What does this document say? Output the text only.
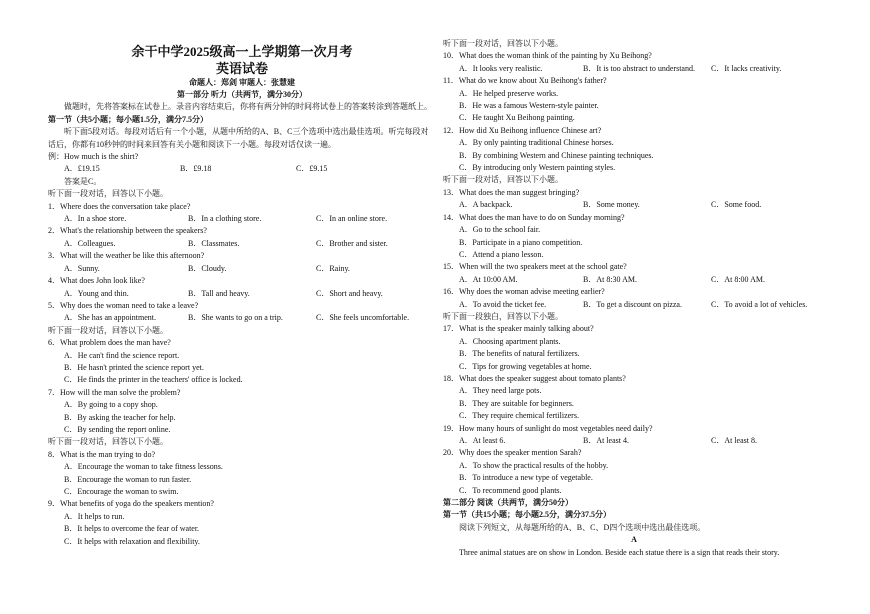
余干中学2025级高一上学期第一次月考
英语试卷
命题人：郑剑 审题人：张慧建
第一部分 听力（共两节，满分30分）
做题时，先将答案标在试卷上。录音内容结束后，你将有两分钟的时间将试卷上的答案转涂到答题纸上。
第一节（共5小题；每小题1.5分，满分7.5分）
听下面5段对话。每段对话后有一个小题，从题中所给的A、B、C三个选项中选出最佳选项。听完每段对话后，你都有10秒钟的时间来回答有关小题和阅读下一小题。每段对话仅读一遍。
例：How much is the shirt?
A．£19.15	B．£9.18	C．£9.15
答案是C。
听下面一段对话，回答以下小题。
1．Where does the conversation take place?
A．In a shoe store.	B．In a clothing store.	C．In an online store.
2．What's the relationship between the speakers?
A．Colleagues.	B．Classmates.	C．Brother and sister.
3．What will the weather be like this afternoon?
A．Sunny.	B．Cloudy.	C．Rainy.
4．What does John look like?
A．Young and thin.	B．Tall and heavy.	C．Short and heavy.
5．Why does the woman need to take a leave?
A．She has an appointment.	B．She wants to go on a trip.	C．She feels uncomfortable.
听下面一段对话，回答以下小题。
6．What problem does the man have?
A．He can't find the science report.
B．He hasn't printed the science report yet.
C．He finds the printer in the teachers' office is locked.
7．How will the man solve the problem?
A．By going to a copy shop.
B．By asking the teacher for help.
C．By sending the report online.
听下面一段对话，回答以下小题。
8．What is the man trying to do?
A．Encourage the woman to take fitness lessons.
B．Encourage the woman to run faster.
C．Encourage the woman to swim.
9．What benefits of yoga do the speakers mention?
A．It helps to run.
B．It helps to overcome the fear of water.
C．It helps with relaxation and flexibility.
听下面一段对话，回答以下小题。
10．What does the woman think of the painting by Xu Beihong?
A．It looks very realistic.	B．It is too abstract to understand.	C．It lacks creativity.
11．What do we know about Xu Beihong's father?
A．He helped preserve works.
B．He was a famous Western-style painter.
C．He taught Xu Beihong painting.
12．How did Xu Beihong influence Chinese art?
A．By only painting traditional Chinese horses.
B．By combining Western and Chinese painting techniques.
C．By introducing only Western painting styles.
听下面一段对话，回答以下小题。
13．What does the man suggest bringing?
A．A backpack.	B．Some money.	C．Some food.
14．What does the man have to do on Sunday morning?
A．Go to the school fair.
B．Participate in a piano competition.
C．Attend a piano lesson.
15．When will the two speakers meet at the school gate?
A．At 10:00 AM.	B．At 8:30 AM.	C．At 8:00 AM.
16．Why does the woman advise meeting earlier?
A．To avoid the ticket fee.	B．To get a discount on pizza.	C．To avoid a lot of vehicles.
听下面一段独白，回答以下小题。
17．What is the speaker mainly talking about?
A．Choosing apartment plants.
B．The benefits of natural fertilizers.
C．Tips for growing vegetables at home.
18．What does the speaker suggest about tomato plants?
A．They need large pots.
B．They are suitable for beginners.
C．They require chemical fertilizers.
19．How many hours of sunlight do most vegetables need daily?
A．At least 6.	B．At least 4.	C．At least 8.
20．Why does the speaker mention Sarah?
A．To show the practical results of the hobby.
B．To introduce a new type of vegetable.
C．To recommend good plants.
第二部分 阅读（共两节，满分50分）
第一节（共15小题；每小题2.5分，满分37.5分）
阅读下列短文，从每题所给的A、B、C、D四个选项中选出最佳选项。
A
Three animal statues are on show in London. Beside each statue there is a sign that reads their story.
